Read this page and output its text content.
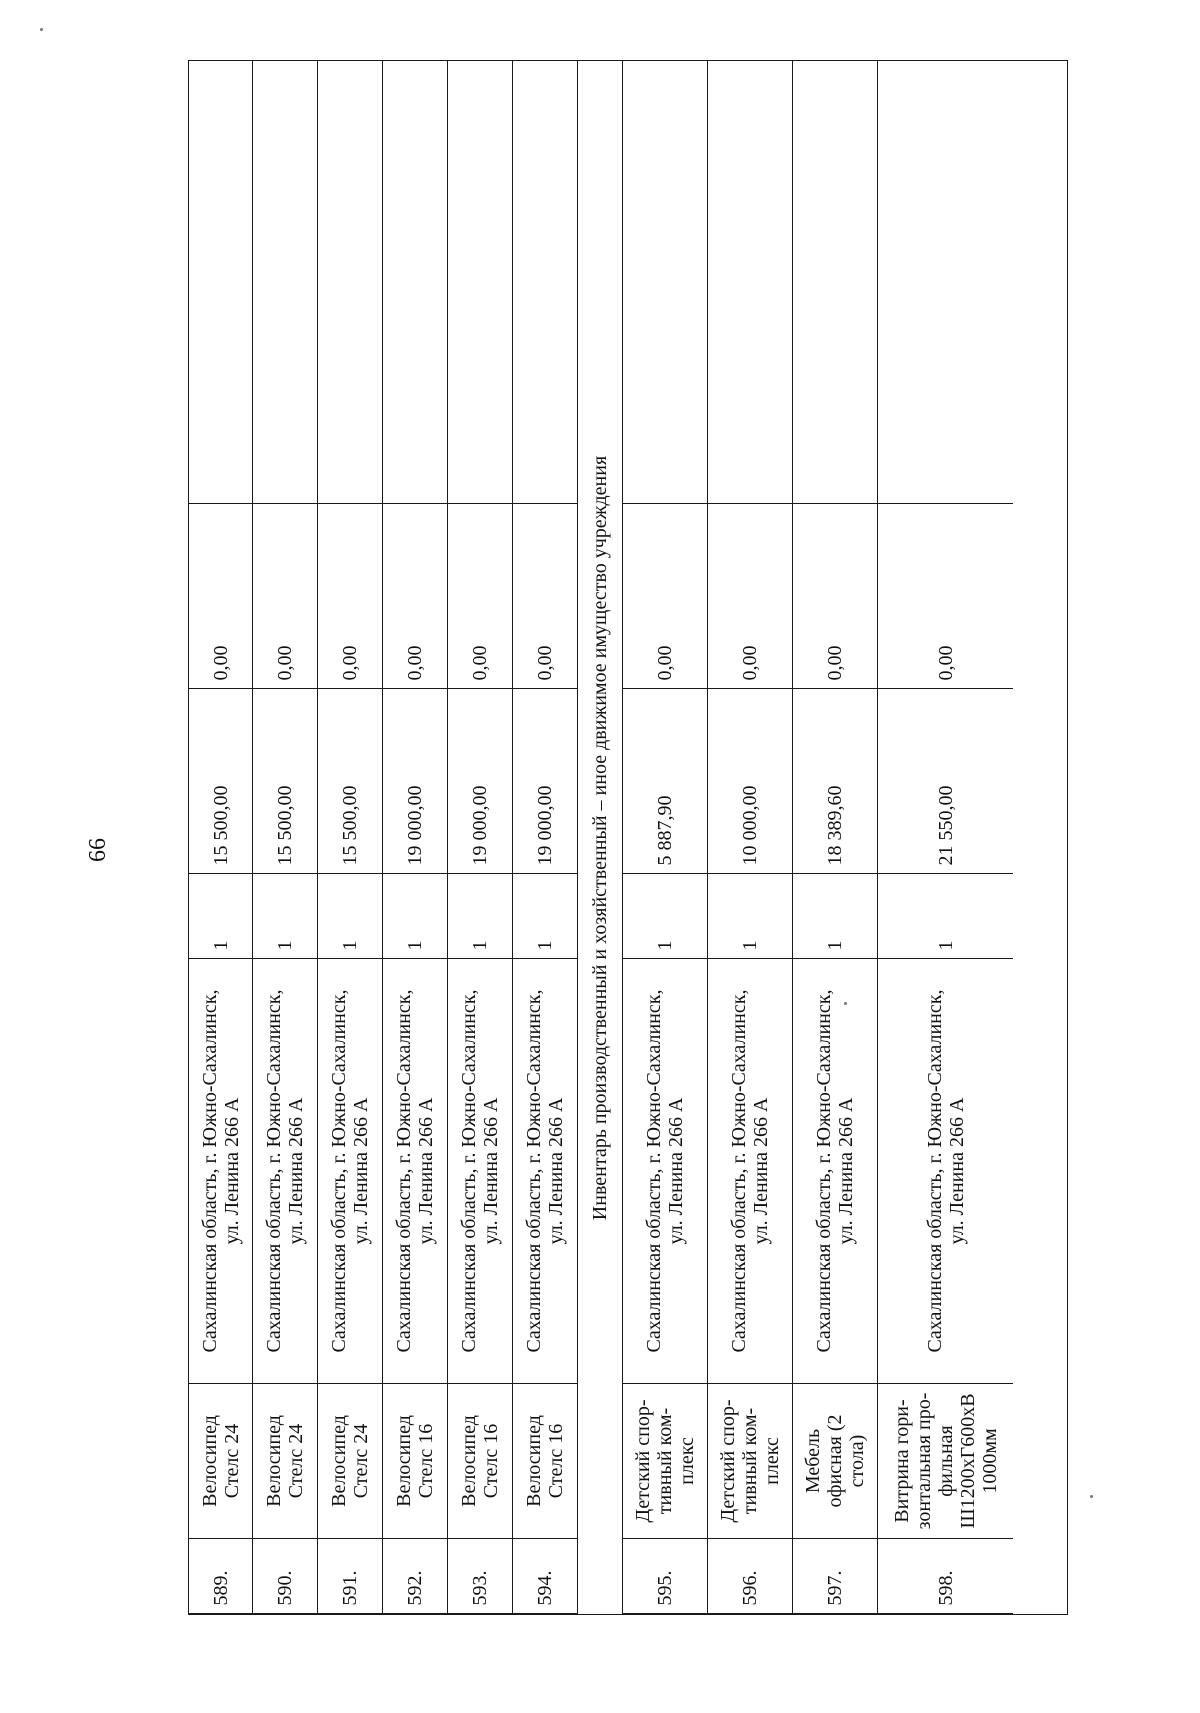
66
589.
Велосипед Стелс 24
Сахалинская область, г. Южно-Сахалинск, ул. Ленина 266 А
1
15 500,00
0,00
590.
Велосипед Стелс 24
Сахалинская область, г. Южно-Сахалинск, ул. Ленина 266 А
1
15 500,00
0,00
591.
Велосипед Стелс 24
Сахалинская область, г. Южно-Сахалинск, ул. Ленина 266 А
1
15 500,00
0,00
592.
Велосипед Стелс 16
Сахалинская область, г. Южно-Сахалинск, ул. Ленина 266 А
1
19 000,00
0,00
593.
Велосипед Стелс 16
Сахалинская область, г. Южно-Сахалинск, ул. Ленина 266 А
1
19 000,00
0,00
594.
Велосипед Стелс 16
Сахалинская область, г. Южно-Сахалинск, ул. Ленина 266 А
1
19 000,00
0,00 Инвентарь производственный и хозяйственный – иное движимое имущество учреждения
595.
Детский спор-тивный ком-плекс
Сахалинская область, г. Южно-Сахалинск, ул. Ленина 266 А
1
5 887,90
0,00
596.
Детский спор-тивный ком-плекс
Сахалинская область, г. Южно-Сахалинск, ул. Ленина 266 А
1
10 000,00
0,00
597.
Мебель офисная (2 стола)
Сахалинская область, г. Южно-Сахалинск, ул. Ленина 266 А
1
18 389,60
0,00
598.
Витрина гори-зонтальная про-фильная Ш1200хГ600хВ 1000мм
Сахалинская область, г. Южно-Сахалинск, ул. Ленина 266 А
1
21 550,00
0,00
